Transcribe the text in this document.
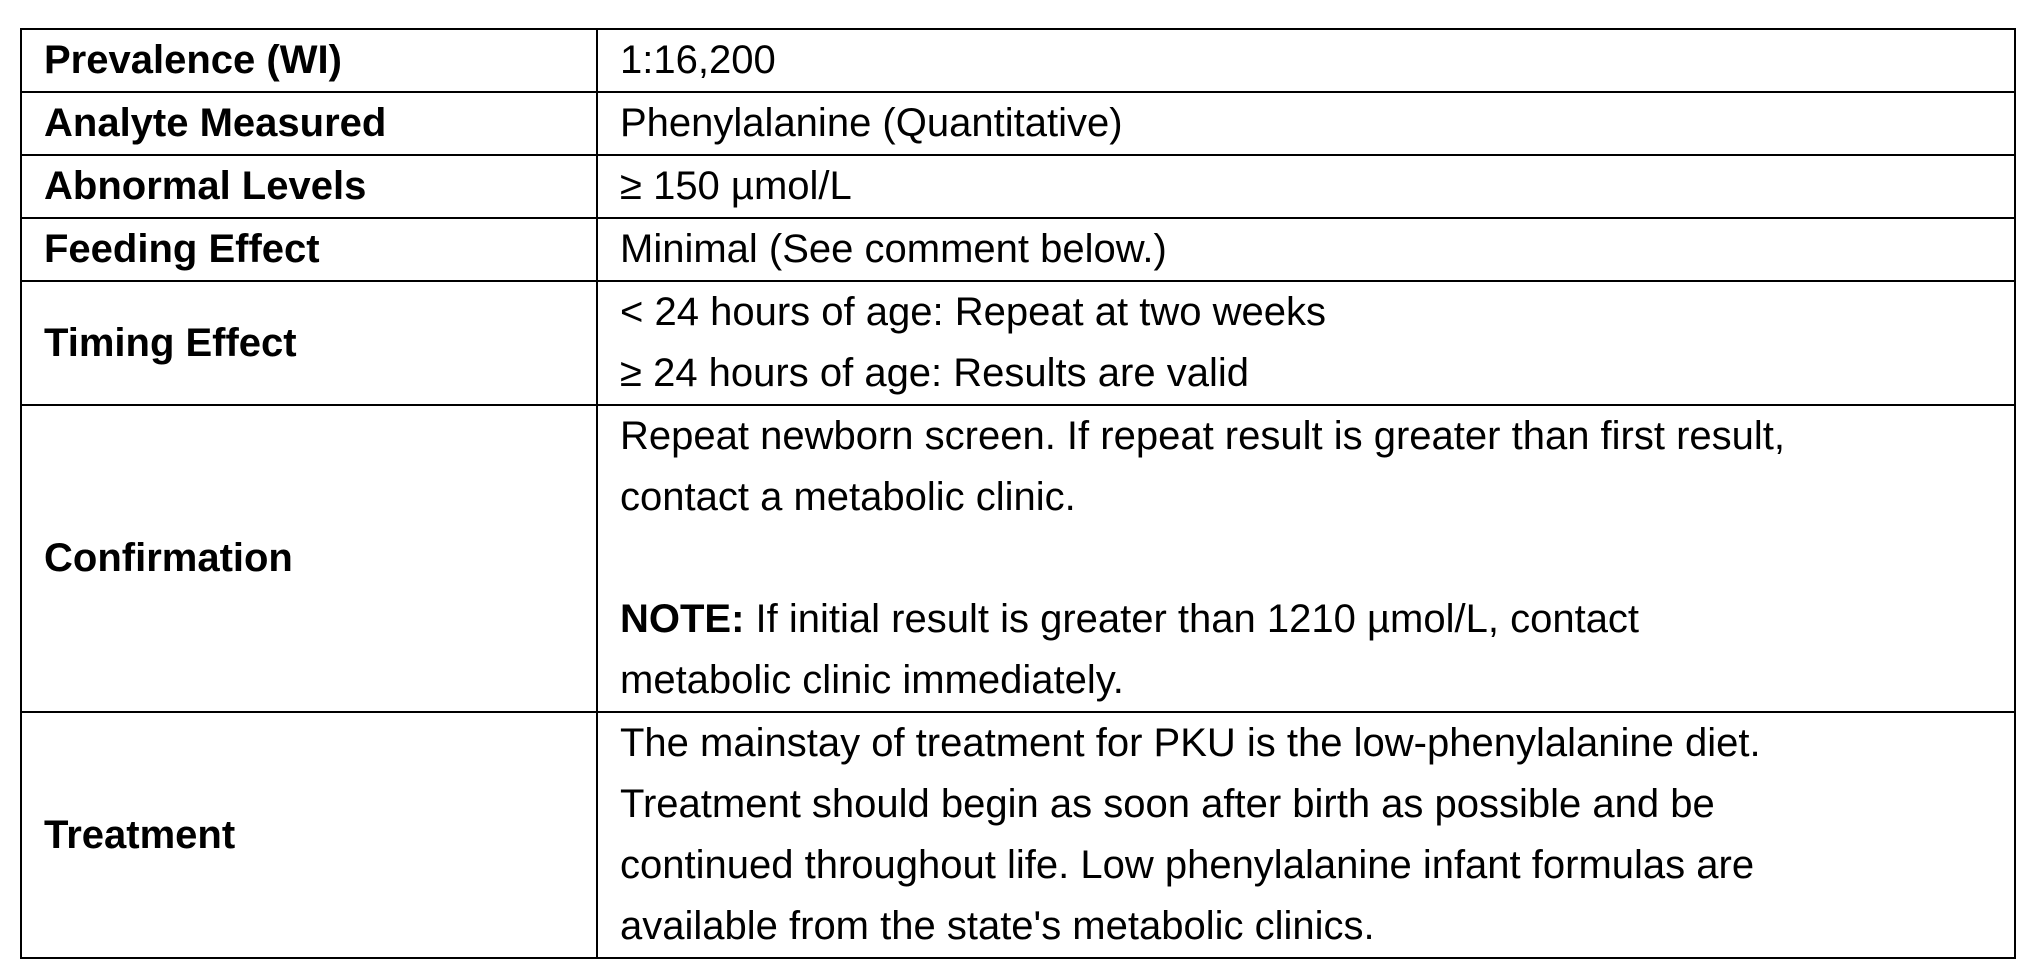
Prevalence (WI)	1:16,200
Analyte Measured	Phenylalanine (Quantitative)
Abnormal Levels	≥ 150 µmol/L
Feeding Effect	Minimal (See comment below.)
Timing Effect	< 24 hours of age: Repeat at two weeks
≥ 24 hours of age: Results are valid

Confirmation	Repeat newborn screen. If repeat result is greater than first result,
contact a metabolic clinic.
NOTE: If initial result is greater than 1210 µmol/L, contact
metabolic clinic immediately.

Treatment	The mainstay of treatment for PKU is the low-phenylalanine diet.
Treatment should begin as soon after birth as possible and be
continued throughout life. Low phenylalanine infant formulas are
available from the state's metabolic clinics.
